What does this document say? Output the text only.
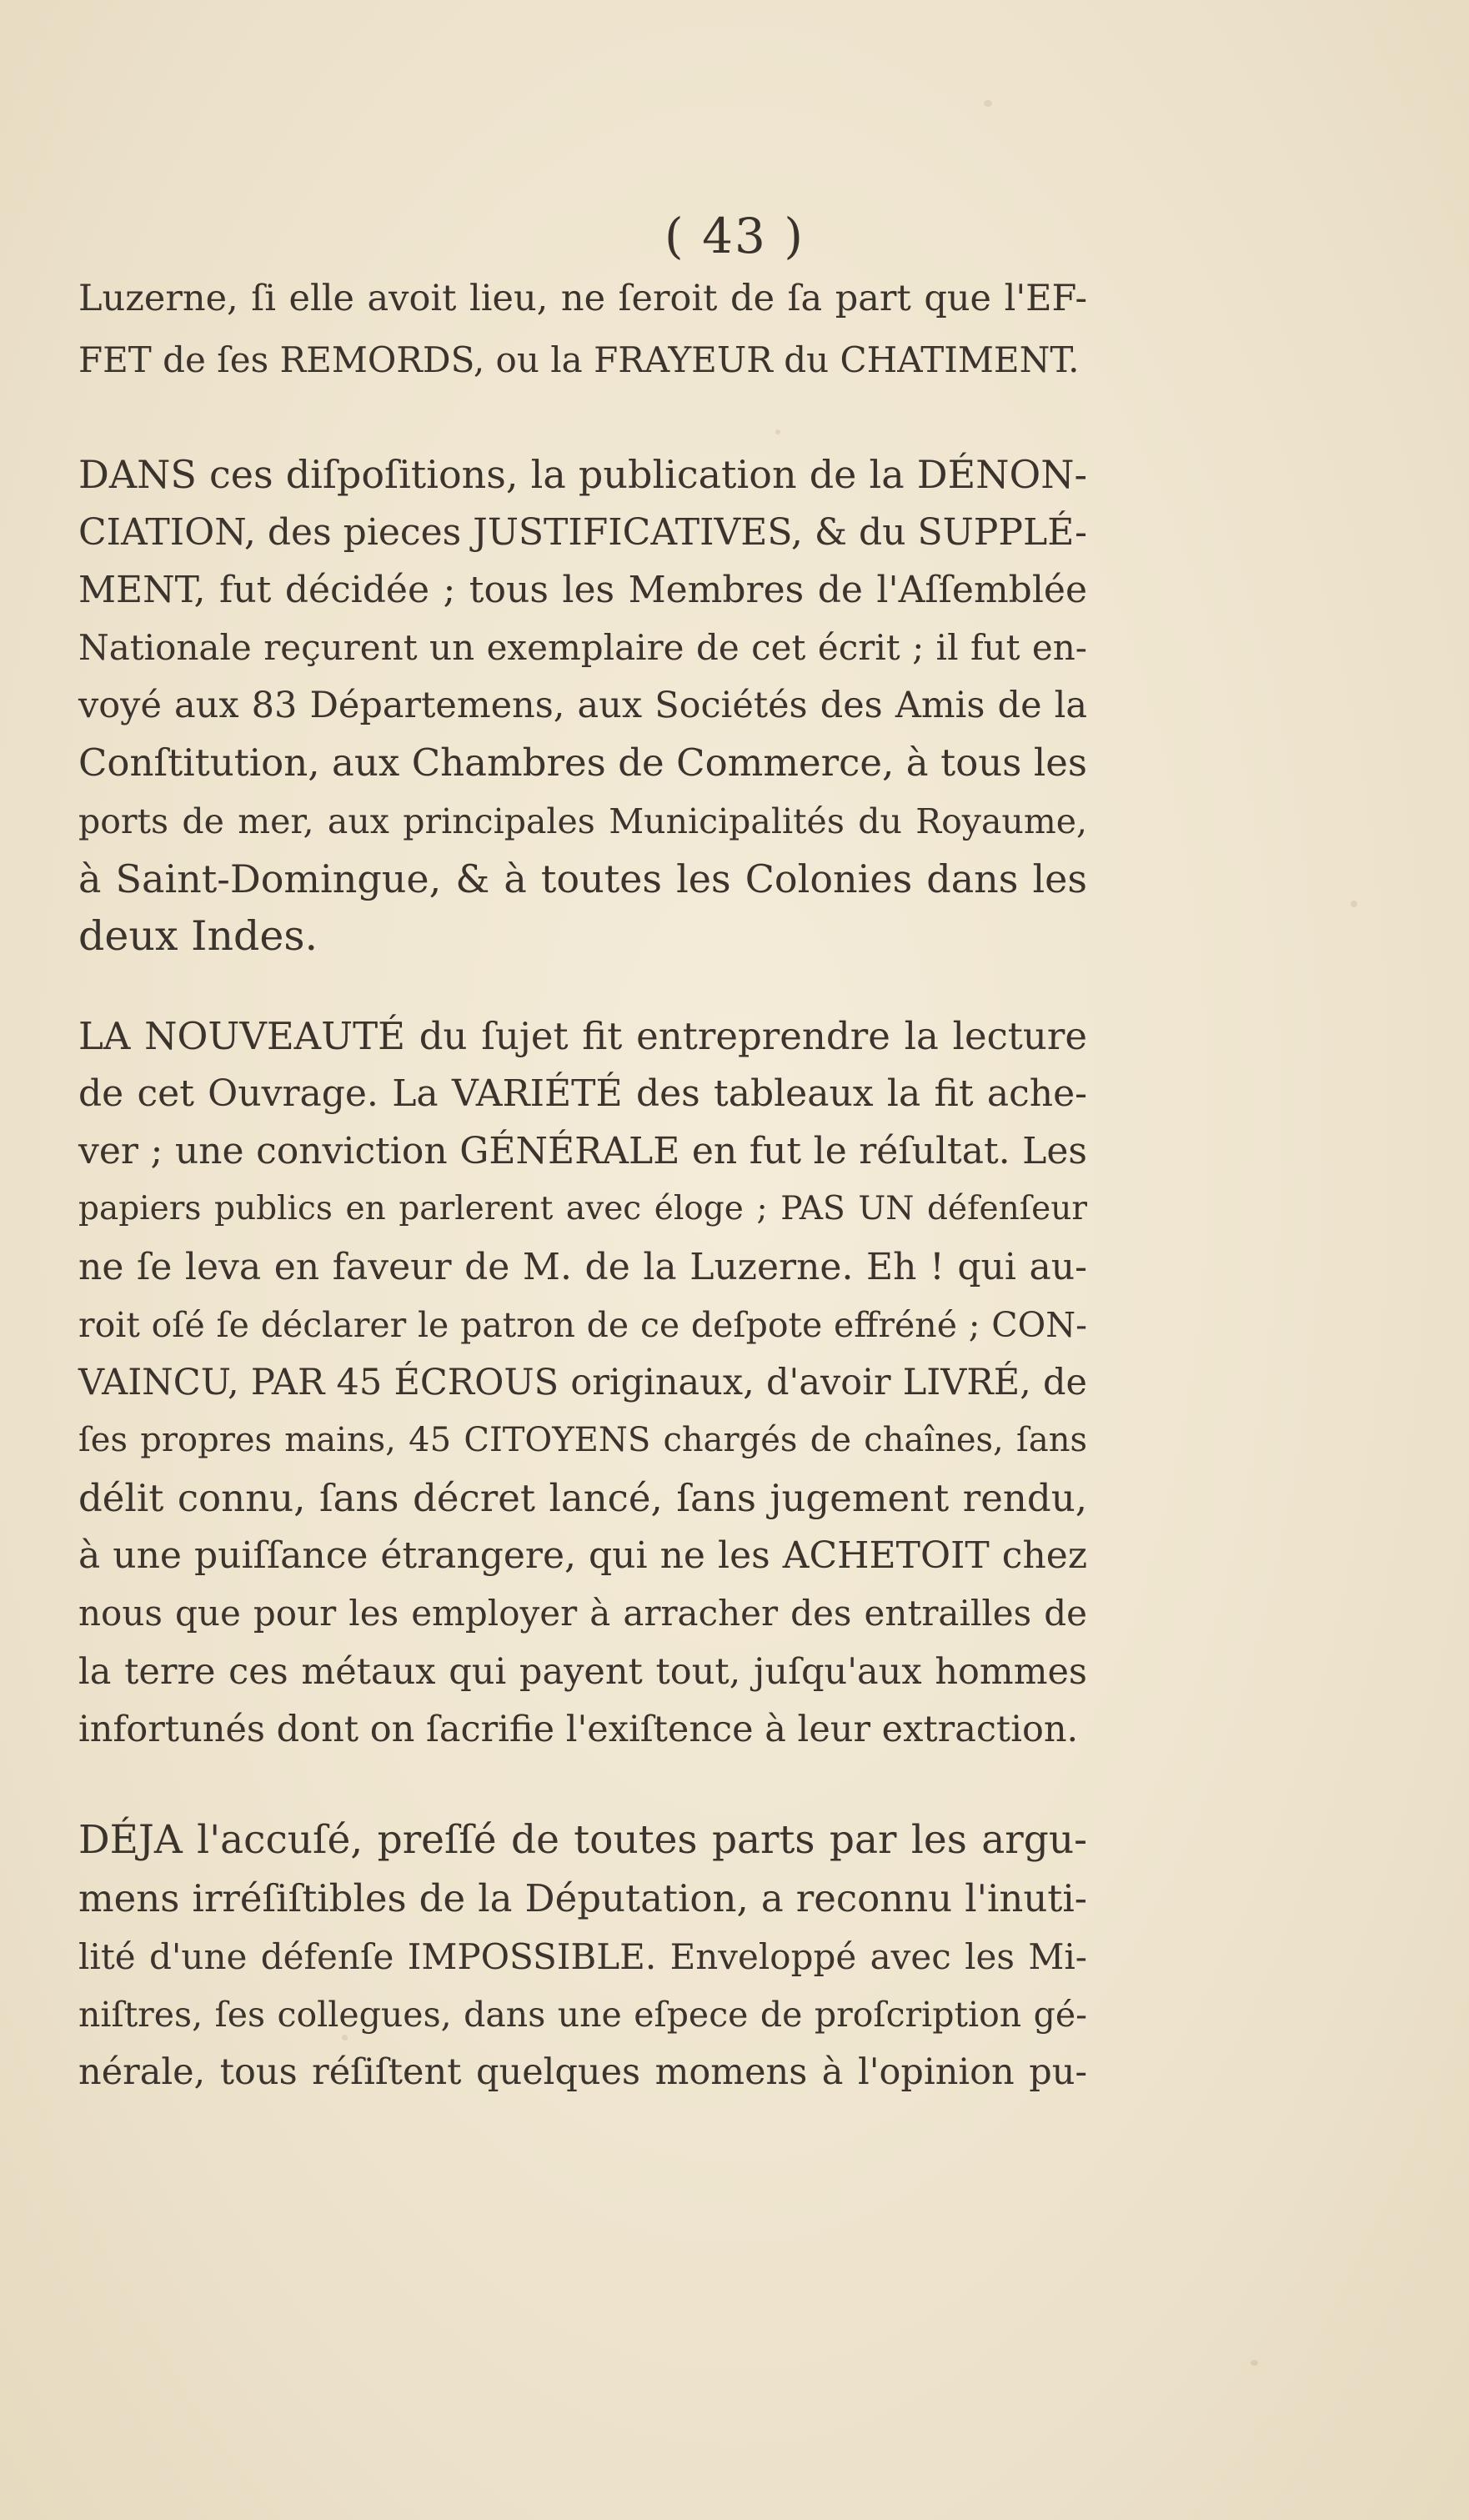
( 43 )
Luzerne, ſi elle avoit lieu, ne ſeroit de ſa part que l'EF-
FET de ſes REMORDS, ou la FRAYEUR du CHATIMENT.
DANS ces diſpoſitions, la publication de la DÉNON-
CIATION, des pieces JUSTIFICATIVES, & du SUPPLÉ-
MENT, fut décidée ; tous les Membres de l'Aſſemblée
Nationale reçurent un exemplaire de cet écrit ; il fut en-
voyé aux 83 Départemens, aux Sociétés des Amis de la
Conſtitution, aux Chambres de Commerce, à tous les
ports de mer, aux principales Municipalités du Royaume,
à Saint-Domingue, & à toutes les Colonies dans les
deux Indes.
LA NOUVEAUTÉ du ſujet fit entreprendre la lecture
de cet Ouvrage. La VARIÉTÉ des tableaux la fit ache-
ver ; une conviction GÉNÉRALE en fut le réſultat. Les
papiers publics en parlerent avec éloge ; PAS UN défenſeur
ne ſe leva en faveur de M. de la Luzerne. Eh ! qui au-
roit oſé ſe déclarer le patron de ce deſpote effréné ; CON-
VAINCU, PAR 45 ÉCROUS originaux, d'avoir LIVRÉ, de
ſes propres mains, 45 CITOYENS chargés de chaînes, ſans
délit connu, ſans décret lancé, ſans jugement rendu,
à une puiſſance étrangere, qui ne les ACHETOIT chez
nous que pour les employer à arracher des entrailles de
la terre ces métaux qui payent tout, juſqu'aux hommes
infortunés dont on ſacrifie l'exiſtence à leur extraction.
DÉJA l'accuſé, preſſé de toutes parts par les argu-
mens irréſiſtibles de la Députation, a reconnu l'inuti-
lité d'une défenſe IMPOSSIBLE. Enveloppé avec les Mi-
niſtres, ſes collegues, dans une eſpece de proſcription gé-
nérale, tous réſiſtent quelques momens à l'opinion pu-
